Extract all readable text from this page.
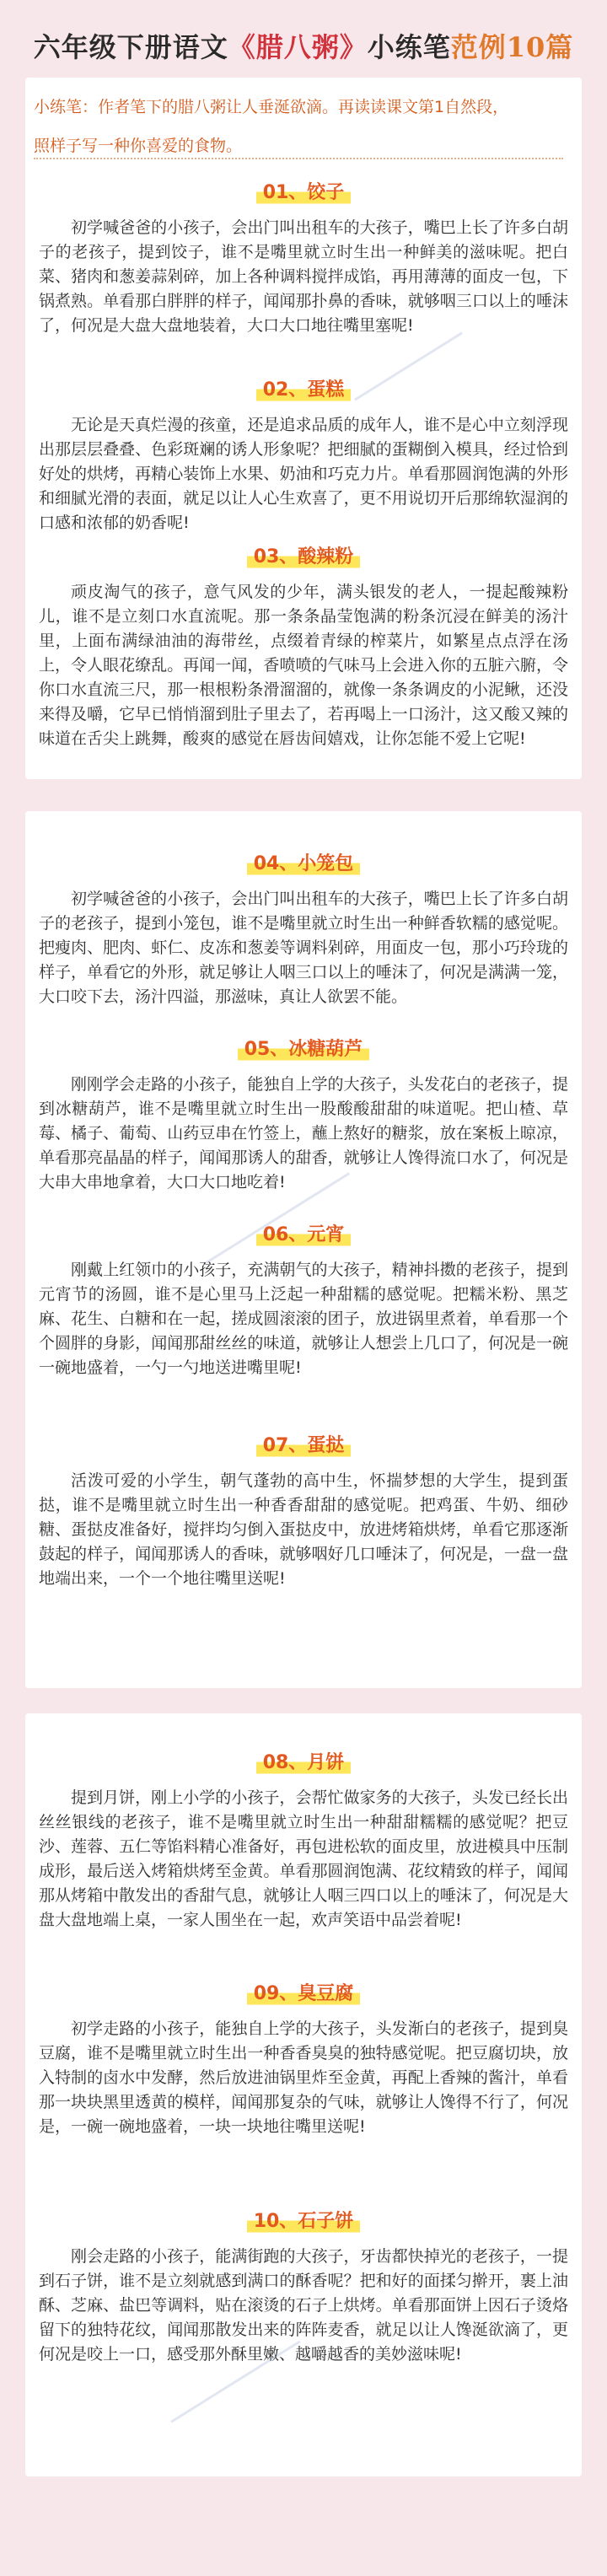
六年级下册语文《腊八粥》小练笔范例10篇
小练笔：作者笔下的腊八粥让人垂涎欲滴。再读读课文第1自然段，
照样子写一种你喜爱的食物。
01、饺子

初学喊爸爸的小孩子，会出门叫出租车的大孩子，嘴巴上长了许多白胡子的老孩子，提到饺子，谁不是嘴里就立时生出一种鲜美的滋味呢。把白菜、猪肉和葱姜蒜剁碎，加上各种调料搅拌成馅，再用薄薄的面皮一包，下锅煮熟。单看那白胖胖的样子，闻闻那扑鼻的香味，就够咽三口以上的唾沫了，何况是大盘大盘地装着，大口大口地往嘴里塞呢!

02、蛋糕

无论是天真烂漫的孩童，还是追求品质的成年人，谁不是心中立刻浮现出那层层叠叠、色彩斑斓的诱人形象呢？把细腻的蛋糊倒入模具，经过恰到好处的烘烤，再精心装饰上水果、奶油和巧克力片。单看那圆润饱满的外形和细腻光滑的表面，就足以让人心生欢喜了，更不用说切开后那绵软湿润的口感和浓郁的奶香呢!

03、酸辣粉

顽皮淘气的孩子，意气风发的少年，满头银发的老人，一提起酸辣粉儿，谁不是立刻口水直流呢。那一条条晶莹饱满的粉条沉浸在鲜美的汤汁里，上面布满绿油油的海带丝，点缀着青绿的榨菜片，如繁星点点浮在汤上，令人眼花缭乱。再闻一闻，香喷喷的气味马上会进入你的五脏六腑，令你口水直流三尺，那一根根粉条滑溜溜的，就像一条条调皮的小泥鳅，还没来得及嚼，它早已悄悄溜到肚子里去了，若再喝上一口汤汁，这又酸又辣的味道在舌尖上跳舞，酸爽的感觉在唇齿间嬉戏，让你怎能不爱上它呢!

04、小笼包

初学喊爸爸的小孩子，会出门叫出租车的大孩子，嘴巴上长了许多白胡子的老孩子，提到小笼包，谁不是嘴里就立时生出一种鲜香软糯的感觉呢。把瘦肉、肥肉、虾仁、皮冻和葱姜等调料剁碎，用面皮一包，那小巧玲珑的样子，单看它的外形，就足够让人咽三口以上的唾沫了，何况是满满一笼，大口咬下去，汤汁四溢，那滋味，真让人欲罢不能。

05、冰糖葫芦

刚刚学会走路的小孩子，能独自上学的大孩子，头发花白的老孩子，提到冰糖葫芦，谁不是嘴里就立时生出一股酸酸甜甜的味道呢。把山楂、草莓、橘子、葡萄、山药豆串在竹签上，蘸上熬好的糖浆，放在案板上晾凉，单看那亮晶晶的样子，闻闻那诱人的甜香，就够让人馋得流口水了，何况是大串大串地拿着，大口大口地吃着!

06、元宵

刚戴上红领巾的小孩子，充满朝气的大孩子，精神抖擞的老孩子，提到元宵节的汤圆，谁不是心里马上泛起一种甜糯的感觉呢。把糯米粉、黑芝麻、花生、白糖和在一起，搓成圆滚滚的团子，放进锅里煮着，单看那一个个圆胖的身影，闻闻那甜丝丝的味道，就够让人想尝上几口了，何况是一碗一碗地盛着，一勺一勺地送进嘴里呢!

07、蛋挞

活泼可爱的小学生，朝气蓬勃的高中生，怀揣梦想的大学生，提到蛋挞，谁不是嘴里就立时生出一种香香甜甜的感觉呢。把鸡蛋、牛奶、细砂糖、蛋挞皮准备好，搅拌均匀倒入蛋挞皮中，放进烤箱烘烤，单看它那逐渐鼓起的样子，闻闻那诱人的香味，就够咽好几口唾沫了，何况是，一盘一盘地端出来，一个一个地往嘴里送呢!

08、月饼

提到月饼，刚上小学的小孩子，会帮忙做家务的大孩子，头发已经长出丝丝银线的老孩子，谁不是嘴里就立时生出一种甜甜糯糯的感觉呢？把豆沙、莲蓉、五仁等馅料精心准备好，再包进松软的面皮里，放进模具中压制成形，最后送入烤箱烘烤至金黄。单看那圆润饱满、花纹精致的样子，闻闻那从烤箱中散发出的香甜气息，就够让人咽三四口以上的唾沫了，何况是大盘大盘地端上桌，一家人围坐在一起，欢声笑语中品尝着呢!

09、臭豆腐

初学走路的小孩子，能独自上学的大孩子，头发渐白的老孩子，提到臭豆腐，谁不是嘴里就立时生出一种香香臭臭的独特感觉呢。把豆腐切块，放入特制的卤水中发酵，然后放进油锅里炸至金黄，再配上香辣的酱汁，单看那一块块黑里透黄的模样，闻闻那复杂的气味，就够让人馋得不行了，何况是，一碗一碗地盛着，一块一块地往嘴里送呢!

10、石子饼

刚会走路的小孩子，能满街跑的大孩子，牙齿都快掉光的老孩子，一提到石子饼，谁不是立刻就感到满口的酥香呢？把和好的面揉匀擀开，裹上油酥、芝麻、盐巴等调料，贴在滚烫的石子上烘烤。单看那面饼上因石子烫烙留下的独特花纹，闻闻那散发出来的阵阵麦香，就足以让人馋涎欲滴了，更何况是咬上一口，感受那外酥里嫩、越嚼越香的美妙滋味呢!
